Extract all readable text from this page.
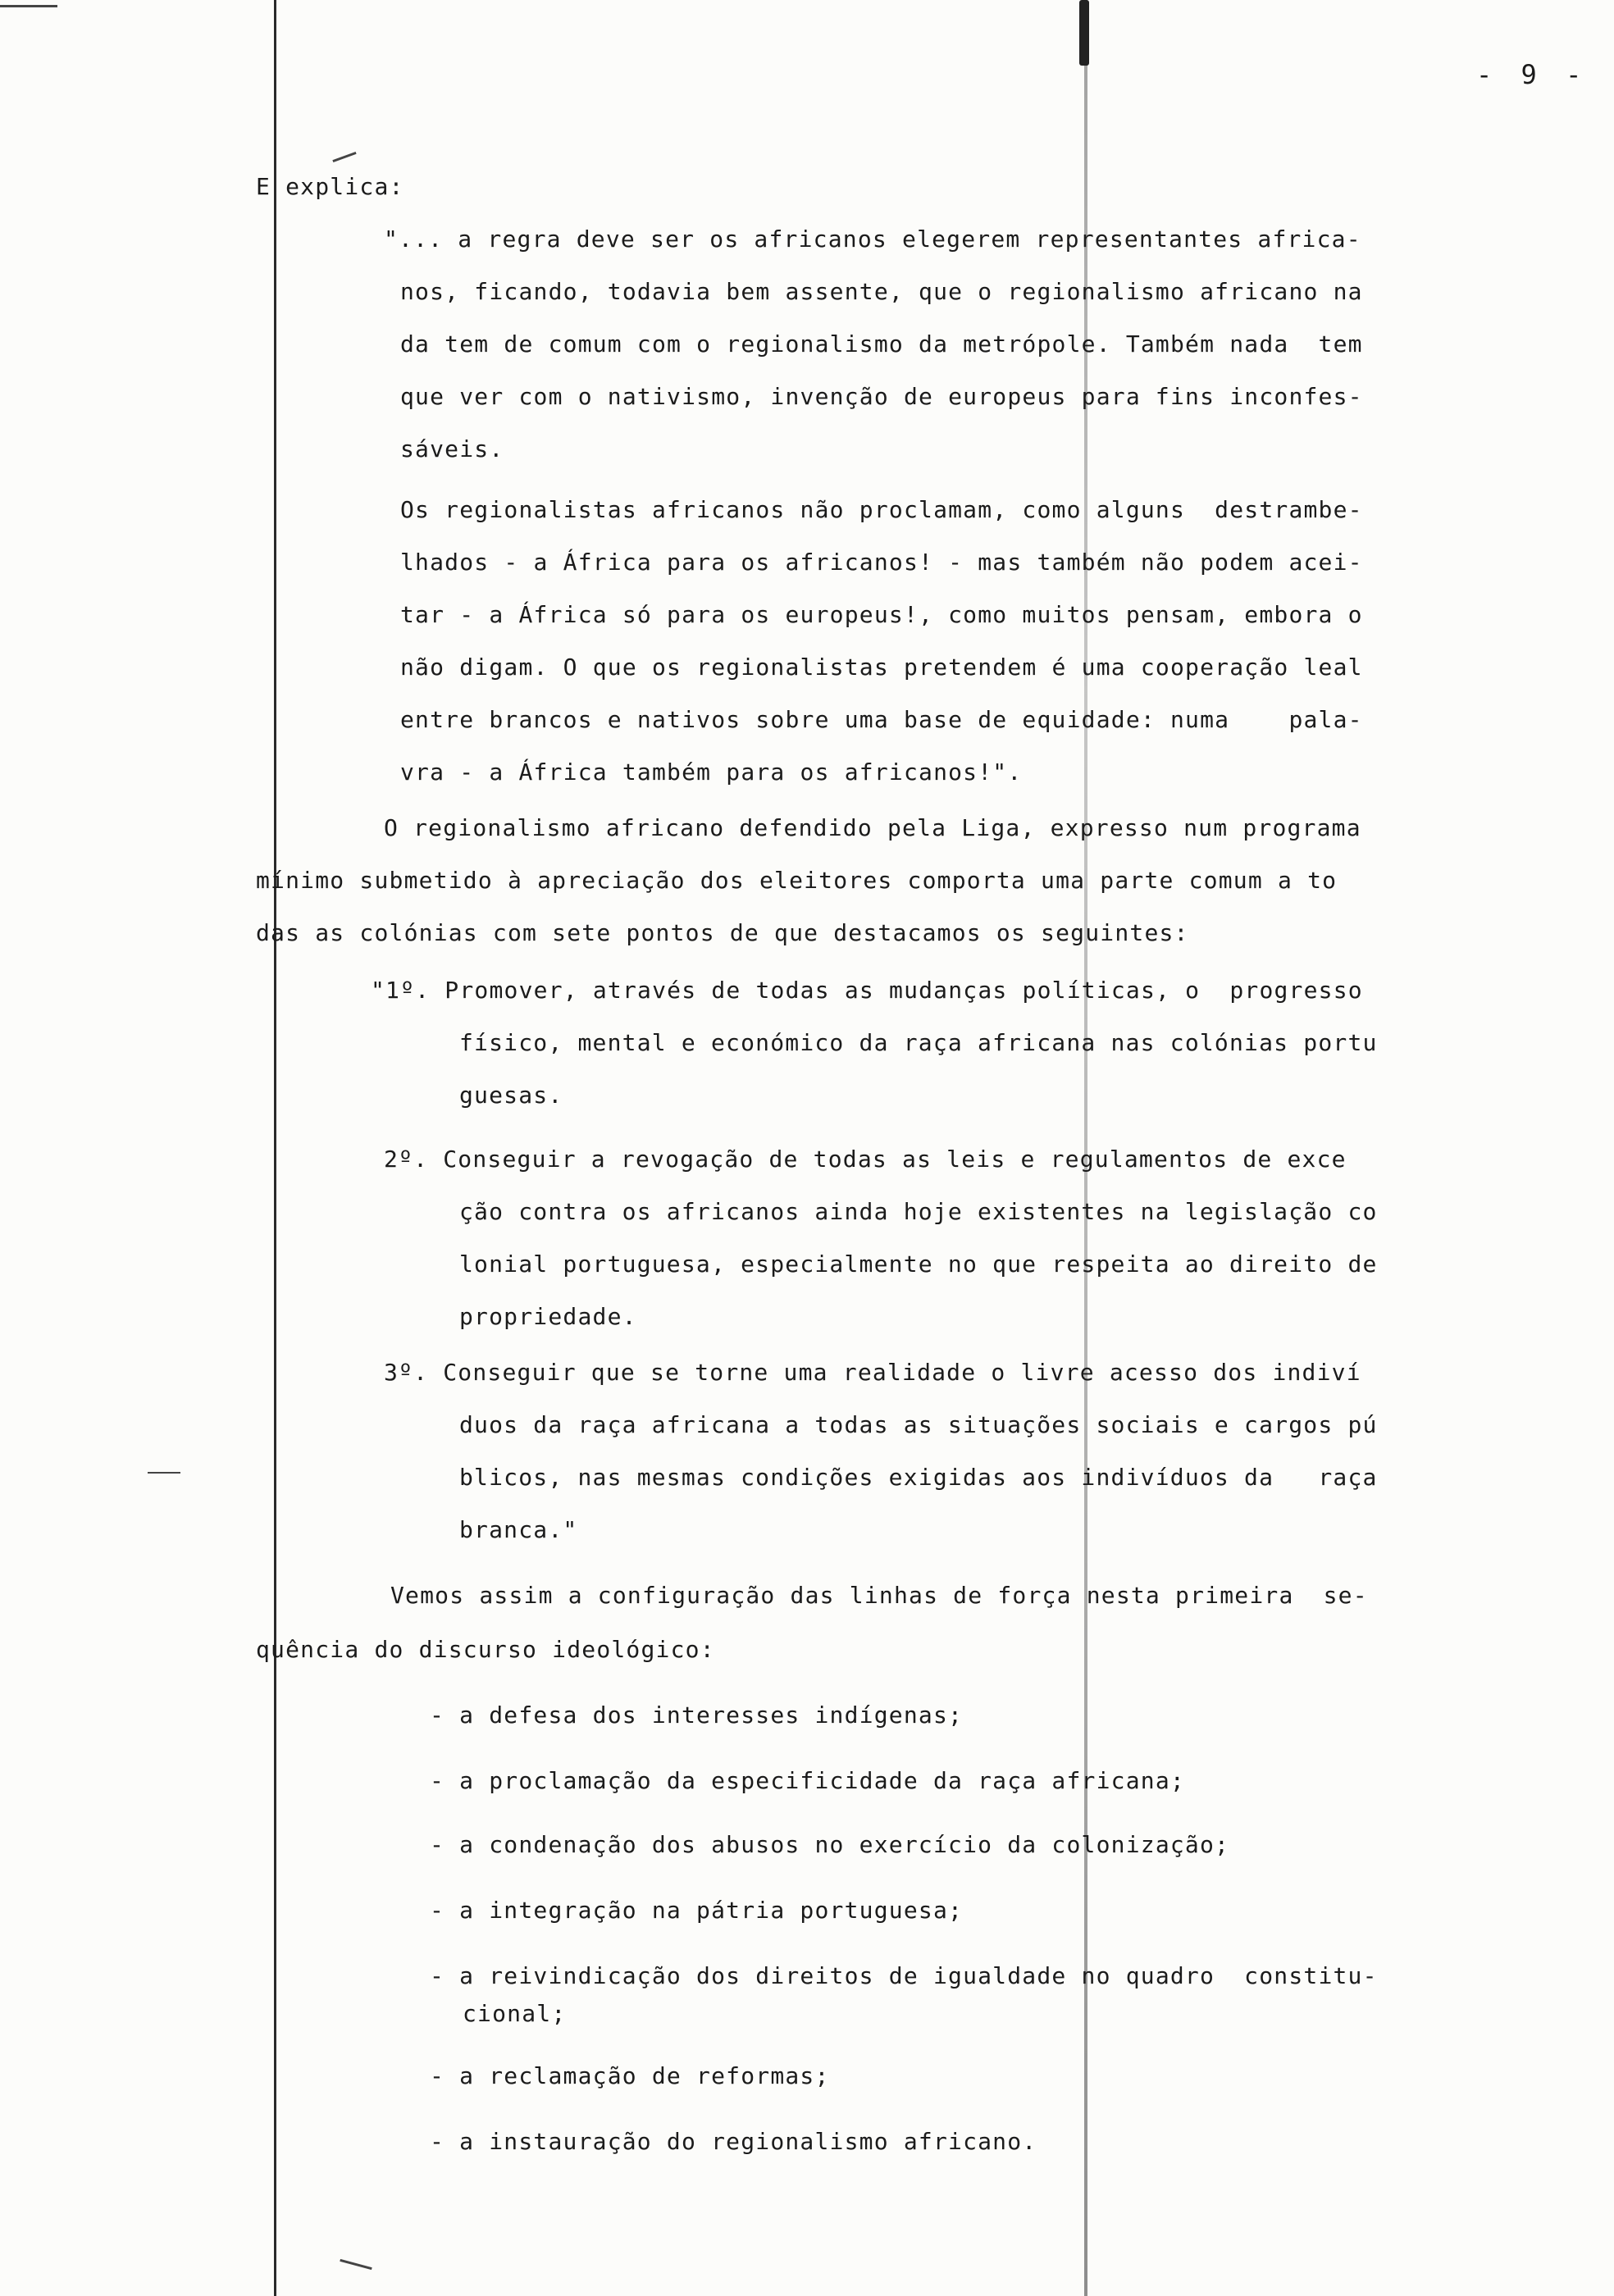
- 9 -
E explica:
"... a regra deve ser os africanos elegerem representantes africa-
nos, ficando, todavia bem assente, que o regionalismo africano na
da tem de comum com o regionalismo da metrópole. Também nada  tem
que ver com o nativismo, invenção de europeus para fins inconfes-
sáveis.
Os regionalistas africanos não proclamam, como alguns  destrambe-
lhados - a África para os africanos! - mas também não podem acei-
tar - a África só para os europeus!, como muitos pensam, embora o
não digam. O que os regionalistas pretendem é uma cooperação leal
entre brancos e nativos sobre uma base de equidade: numa    pala-
vra - a África também para os africanos!".
O regionalismo africano defendido pela Liga, expresso num programa
mínimo submetido à apreciação dos eleitores comporta uma parte comum a to
das as colónias com sete pontos de que destacamos os seguintes:
"1º. Promover, através de todas as mudanças políticas, o  progresso
físico, mental e económico da raça africana nas colónias portu
guesas.
2º. Conseguir a revogação de todas as leis e regulamentos de exce
ção contra os africanos ainda hoje existentes na legislação co
lonial portuguesa, especialmente no que respeita ao direito de
propriedade.
3º. Conseguir que se torne uma realidade o livre acesso dos indiví
duos da raça africana a todas as situações sociais e cargos pú
blicos, nas mesmas condições exigidas aos indivíduos da   raça
branca."
Vemos assim a configuração das linhas de força nesta primeira  se-
quência do discurso ideológico:
- a defesa dos interesses indígenas;
- a proclamação da especificidade da raça africana;
- a condenação dos abusos no exercício da colonização;
- a integração na pátria portuguesa;
- a reivindicação dos direitos de igualdade no quadro  constitu-
cional;
- a reclamação de reformas;
- a instauração do regionalismo africano.
